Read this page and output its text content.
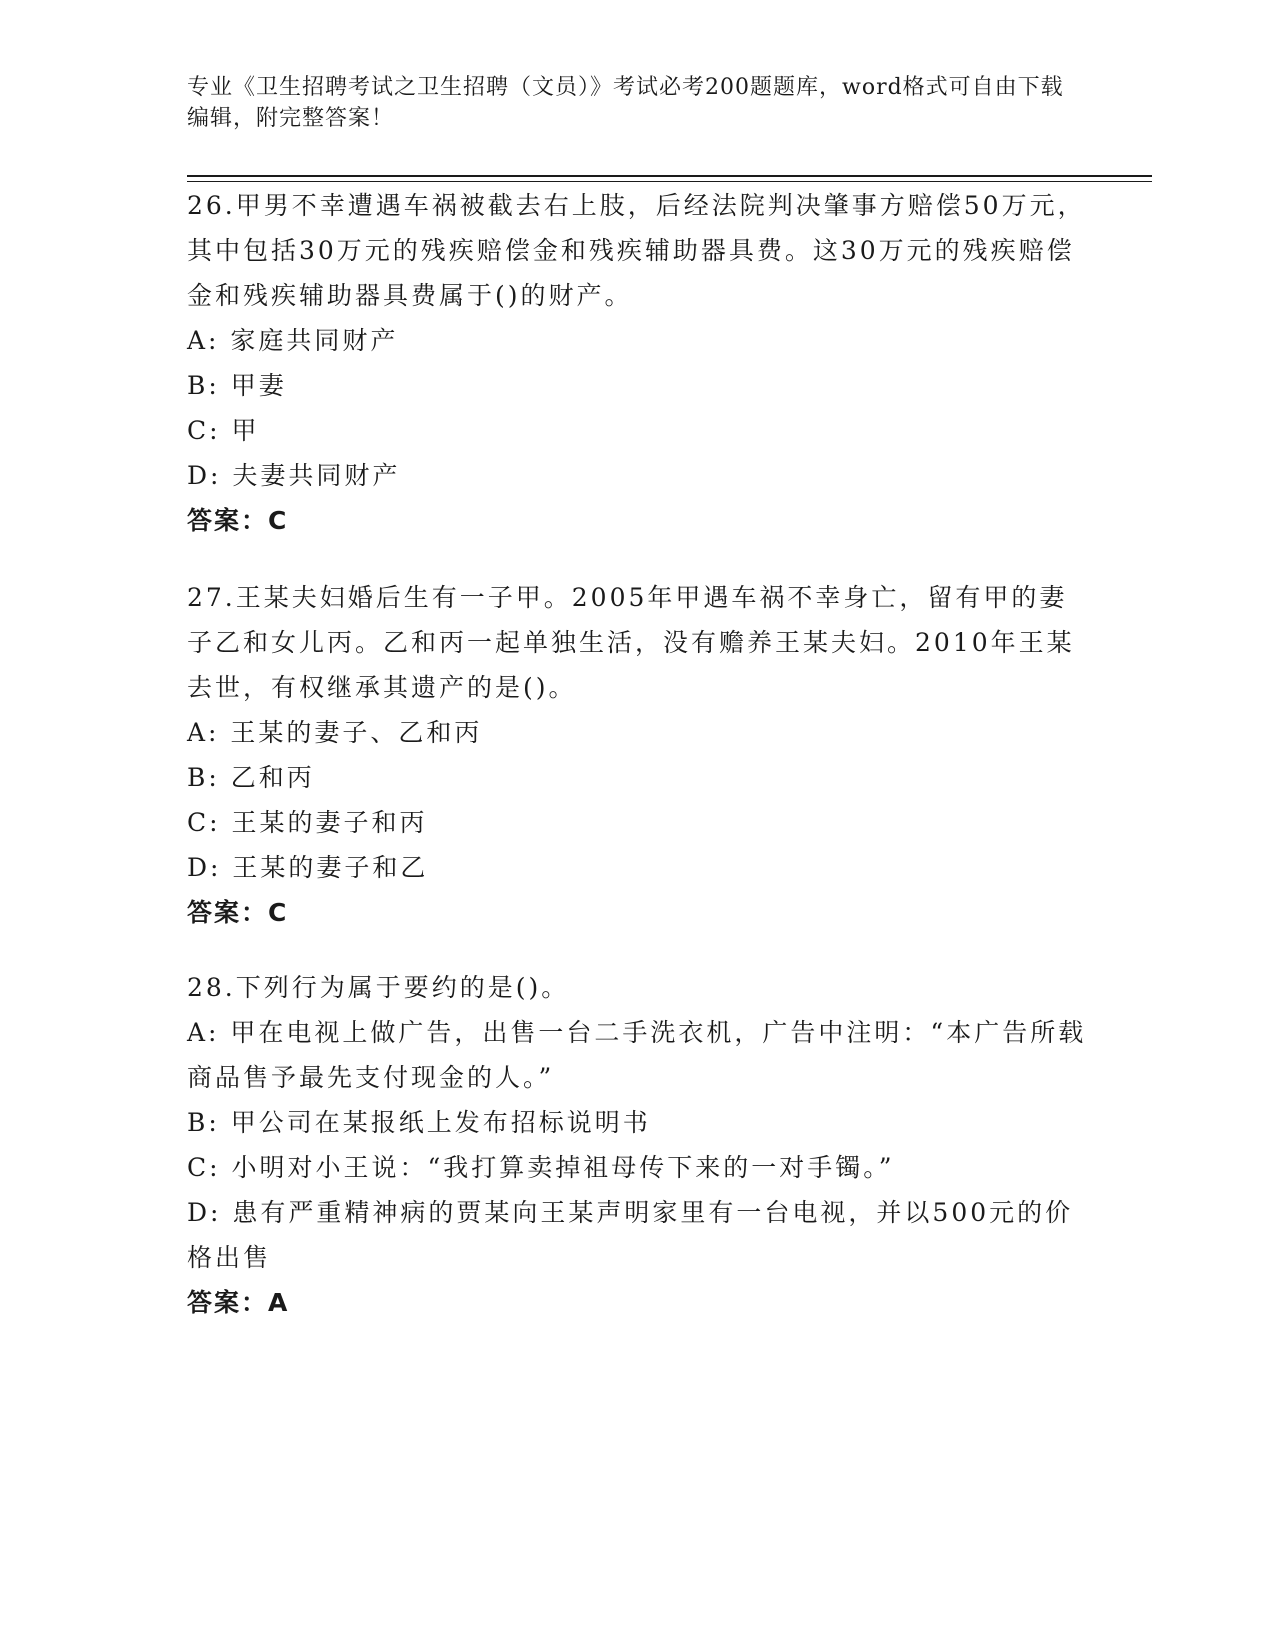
专业《卫生招聘考试之卫生招聘（文员）》考试必考200题题库，word格式可自由下载编辑，附完整答案！
26.甲男不幸遭遇车祸被截去右上肢，后经法院判决肇事方赔偿50万元，其中包括30万元的残疾赔偿金和残疾辅助器具费。这30万元的残疾赔偿金和残疾辅助器具费属于()的财产。
A: 家庭共同财产
B: 甲妻
C: 甲
D: 夫妻共同财产
答案：C
27.王某夫妇婚后生有一子甲。2005年甲遇车祸不幸身亡，留有甲的妻子乙和女儿丙。乙和丙一起单独生活，没有赡养王某夫妇。2010年王某去世，有权继承其遗产的是()。
A: 王某的妻子、乙和丙
B: 乙和丙
C: 王某的妻子和丙
D: 王某的妻子和乙
答案：C
28.下列行为属于要约的是()。
A: 甲在电视上做广告，出售一台二手洗衣机，广告中注明：“本广告所载商品售予最先支付现金的人。”
B: 甲公司在某报纸上发布招标说明书
C: 小明对小王说：“我打算卖掉祖母传下来的一对手镯。”
D: 患有严重精神病的贾某向王某声明家里有一台电视，并以500元的价格出售
答案：A
